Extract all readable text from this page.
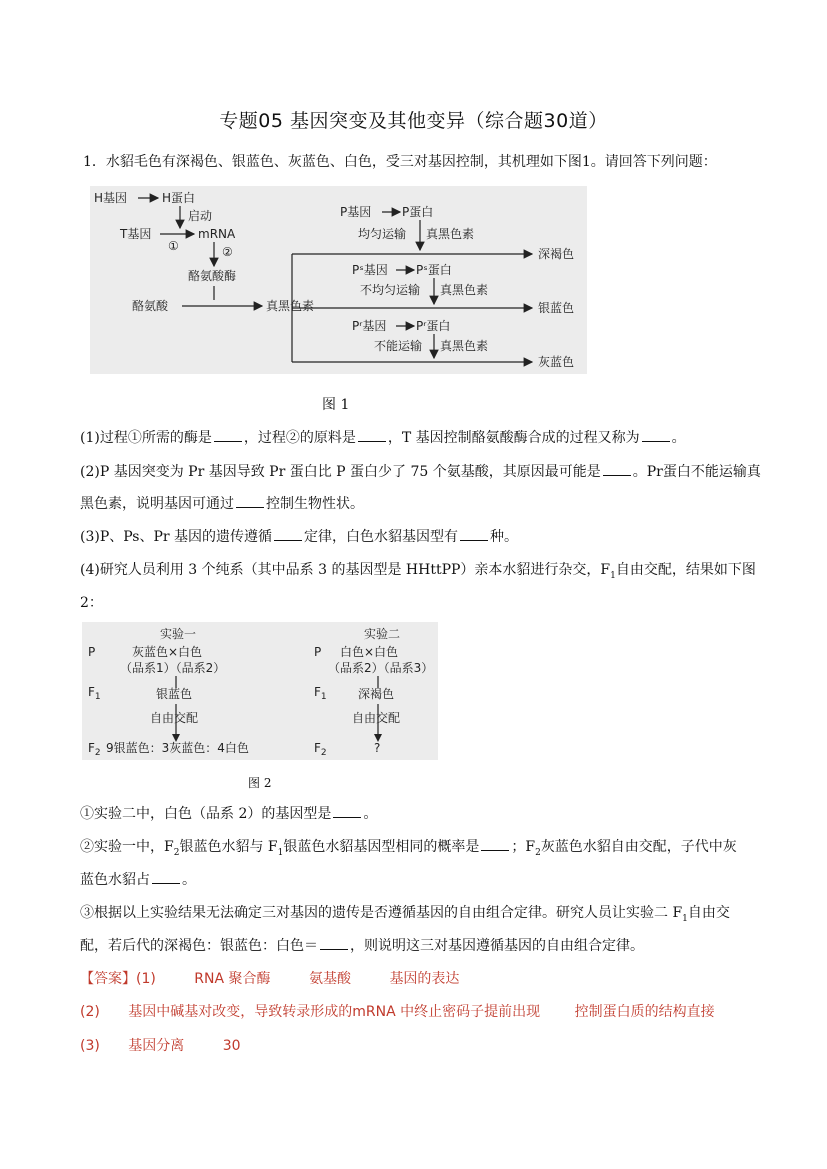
专题05 基因突变及其他变异（综合题30道）
1．水貂毛色有深褐色、银蓝色、灰蓝色、白色，受三对基因控制，其机理如下图1。请回答下列问题：
H基因	H蛋白
启动
T基因
①
mRNA
②
酪氨酸酶
酪氨酸	真黑色素
P基因	P蛋白
均匀运输 真黑色素
深褐色
Pˢ基因 Pˢ蛋白
不均匀运输 真黑色素
银蓝色
Pʳ基因 Pʳ蛋白
不能运输 真黑色素
灰蓝色
图 1
(1)过程①所需的酶是 ，过程②的原料是 ，T 基因控制酪氨酸酶合成的过程又称为 。
(2)P 基因突变为 Pr 基因导致 Pr 蛋白比 P 蛋白少了 75 个氨基酸，其原因最可能是 。Pr蛋白不能运输真
黑色素，说明基因可通过 控制生物性状。
(3)P、Ps、Pr 基因的遗传遵循 定律，白色水貂基因型有 种。
(4)研究人员利用 3 个纯系（其中品系 3 的基因型是 HHttPP）亲本水貂进行杂交，$F_1$自由交配，结果如下图
2：
实验一	实验二
P	灰蓝色×白色
（品系1）（品系2）
$F_1$	银蓝色
自由交配
$F_2$ 9银蓝色：3灰蓝色：4白色
P 白色×白色
（品系2）（品系3）
$F_1$	深褐色
自由交配
$F_2$	?
图 2
①实验二中，白色（品系 2）的基因型是 。
②实验一中，$F_2$银蓝色水貂与 $F_1$银蓝色水貂基因型相同的概率是 ；$F_2$灰蓝色水貂自由交配，子代中灰
蓝色水貂占 。
③根据以上实验结果无法确定三对基因的遗传是否遵循基因的自由组合定律。研究人员让实验二 $F_1$自由交
配，若后代的深褐色：银蓝色：白色＝ ，则说明这三对基因遵循基因的自由组合定律。
【答案】(1)	RNA 聚合酶	氨基酸	基因的表达
(2) 基因中碱基对改变，导致转录形成的mRNA 中终止密码子提前出现 控制蛋白质的结构直接
(3) 基因分离	30
